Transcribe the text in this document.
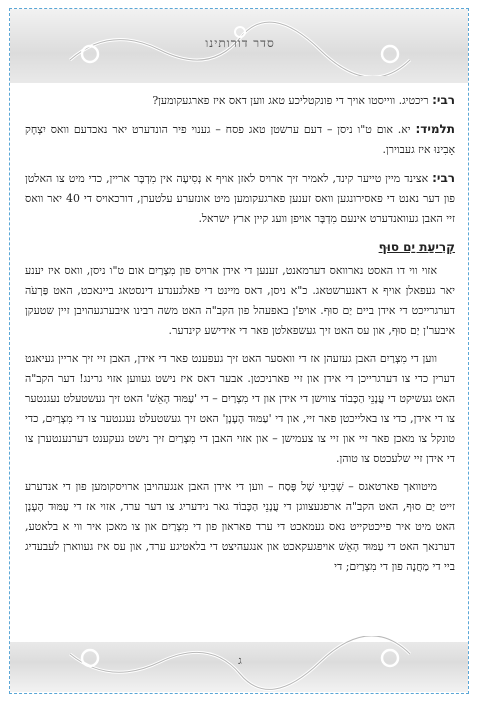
סדר דורותינו

רבי: ריכטיג. ווייסטו אויך די פונקטליכע טאג ווען דאס איז פארגעקומען?

תלמיד: יא. אום ט"ו ניסן – דעם ערשטן טאג פסח – גענוי פיר הונדערט יאר נאכדעם וואס יִצְחָק אָבִינוּ איז געבוירן.

רבי: אצינד מיין טייער קינד, לאמיר זיך ארויס לאזן אויף א נְסִיעָה אין מִדְבָּר אריין, כדי מיט צו האלטן פון דער נאנט די פאסירונגען וואס זענען פארגעקומען מיט אונזערע עלטערן, דורכאויס די 40 יאר וואס זיי האבן געוואנדערט אינעם מִדְבָּר אויפן וועג קיין ארץ ישראל.

קְרִיעַת יַם סוּף

אזוי ווי דו האסט נארוואס דערמאנט, זענען די אידן ארויס פון מִצְרַיִם אום ט"ו ניסן, וואס איז יענע יאר געפאלן אויף א דאנערשטאג. כ"א ניסן, דאס מיינט די פאלגענדע דינסטאג ביינאכט, האט פַּרְעֹה דערגרייכט די אידן ביים יַם סוּף. אויפ'ן באפעהל פון הקב"ה האט משה רבינו איבערגעהויבן זיין שטעקן איבער'ן יַם סוּף, און עס האט זיך געשפאלטן פאר די אידישע קינדער.

ווען די מִצְרַיִם האבן געזעהן אז די וואסער האט זיך געפענט פאר די אידן, האבן זיי זיך אריין געיאגט דערין כדי צו דערגרייכן די אידן און זיי פארניכטן. אבער דאס איז נישט געווען אזוי גרינג! דער הקב"ה האט געשיקט די עֲנָנֵי הַכָּבוֹד צווישן די אידן און די מִצְרַיִם – די 'עַמּוּד הָאֵשׁ' האט זיך געשטעלט נעגנטער צו די אידן, כדי צו באלייכטן פאר זיי, און די 'עַמּוּד הֶעָנָן' האט זיך געשטעלט נעגנטער צו די מִצְרַיִם, כדי טונקל צו מאכן פאר זיי און זיי צו צעמישן – און אזוי האבן די מִצְרַיִם זיך נישט געקענט דערנענטערן צו די אידן זיי שלעכטס צו טוהן.

מיטוואך פארטאגס – שְׁבִיעִי שֶׁל פֶּסַח – ווען די אידן האבן אנגעהויבן ארויסקומען פון די אנדערע זייט יַם סוּף, האט הקב"ה ארפגעצווגן די עֲנָנֵי הַכָּבוֹד גאר נידעריג צו דער ערד, אזוי אז די עַמּוּד הֶעָנָן האט מיט איר פייכטקייט נאס געמאכט די ערד פאראון פון די מִצְרַיִם און צו מאכן איר ווי א בלאטע, דערנאך האט די עַמּוּד הָאֵשׁ אויפגעקאכט און אנגעהיצט די בלאטיגע ערד, און עס איז געווארן לעבעדיג ביי די מַחֲנֶה פון די מִצְרַיִם; די

ג
